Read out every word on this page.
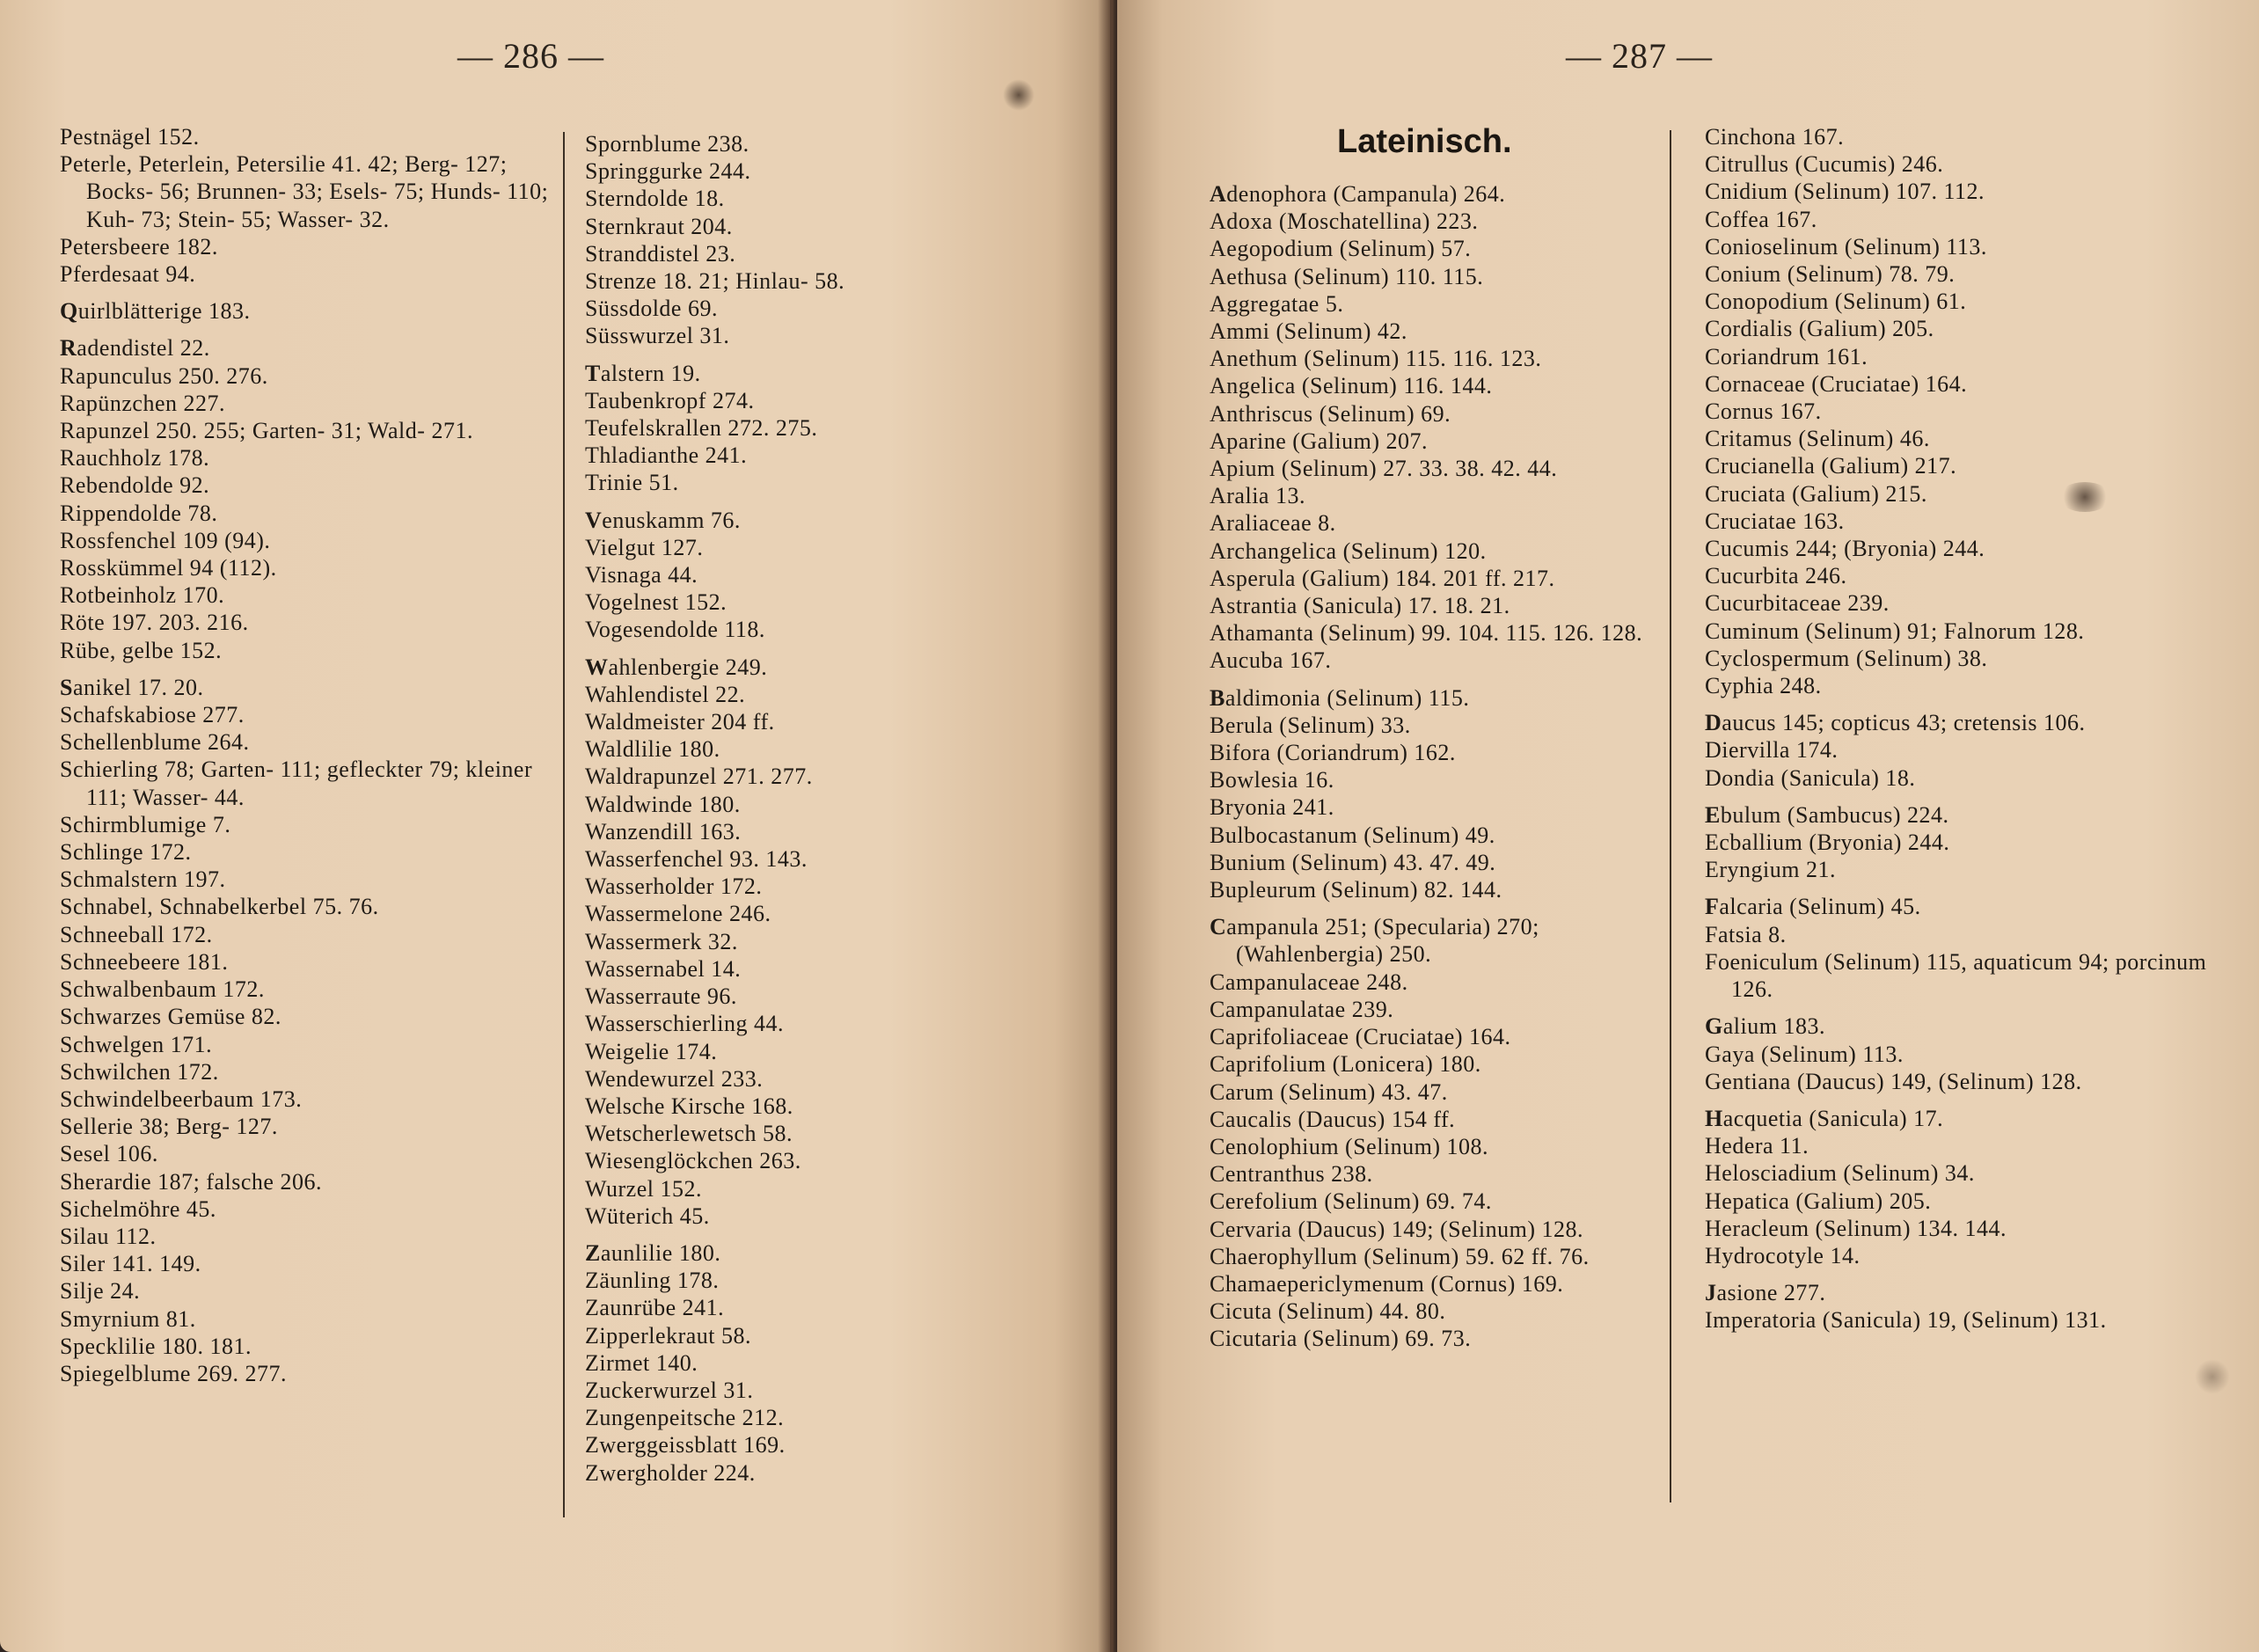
— 286 —

Pestnägel 152.

Peterle, Peterlein, Petersilie 41. 42; Berg- 127; Bocks- 56; Brunnen- 33; Esels- 75; Hunds- 110; Kuh- 73; Stein- 55; Wasser- 32.

Petersbeere 182.

Pferdesaat 94.

Quirlblätterige 183.

Radendistel 22.

Rapunculus 250. 276.

Rapünzchen 227.

Rapunzel 250. 255; Garten- 31; Wald- 271.

Rauchholz 178.

Rebendolde 92.

Rippendolde 78.

Rossfenchel 109 (94).

Rosskümmel 94 (112).

Rotbeinholz 170.

Röte 197. 203. 216.

Rübe, gelbe 152.

Sanikel 17. 20.

Schafskabiose 277.

Schellenblume 264.

Schierling 78; Garten- 111; gefleckter 79; kleiner 111; Wasser- 44.

Schirmblumige 7.

Schlinge 172.

Schmalstern 197.

Schnabel, Schnabelkerbel 75. 76.

Schneeball 172.

Schneebeere 181.

Schwalbenbaum 172.

Schwarzes Gemüse 82.

Schwelgen 171.

Schwilchen 172.

Schwindelbeerbaum 173.

Sellerie 38; Berg- 127.

Sesel 106.

Sherardie 187; falsche 206.

Sichelmöhre 45.

Silau 112.

Siler 141. 149.

Silje 24.

Smyrnium 81.

Specklilie 180. 181.

Spiegelblume 269. 277.

Spornblume 238.

Springgurke 244.

Sterndolde 18.

Sternkraut 204.

Stranddistel 23.

Strenze 18. 21; Hinlau- 58.

Süssdolde 69.

Süsswurzel 31.

Talstern 19.

Taubenkropf 274.

Teufelskrallen 272. 275.

Thladianthe 241.

Trinie 51.

Venuskamm 76.

Vielgut 127.

Visnaga 44.

Vogelnest 152.

Vogesendolde 118.

Wahlenbergie 249.

Wahlendistel 22.

Waldmeister 204 ff.

Waldlilie 180.

Waldrapunzel 271. 277.

Waldwinde 180.

Wanzendill 163.

Wasserfenchel 93. 143.

Wasserholder 172.

Wassermelone 246.

Wassermerk 32.

Wassernabel 14.

Wasserraute 96.

Wasserschierling 44.

Weigelie 174.

Wendewurzel 233.

Welsche Kirsche 168.

Wetscherlewetsch 58.

Wiesenglöckchen 263.

Wurzel 152.

Wüterich 45.

Zaunlilie 180.

Zäunling 178.

Zaunrübe 241.

Zipperlekraut 58.

Zirmet 140.

Zuckerwurzel 31.

Zungenpeitsche 212.

Zwerggeissblatt 169.

Zwergholder 224.

— 287 —
Lateinisch.

Adenophora (Campanula) 264.

Adoxa (Moschatellina) 223.

Aegopodium (Selinum) 57.

Aethusa (Selinum) 110. 115.

Aggregatae 5.

Ammi (Selinum) 42.

Anethum (Selinum) 115. 116. 123.

Angelica (Selinum) 116. 144.

Anthriscus (Selinum) 69.

Aparine (Galium) 207.

Apium (Selinum) 27. 33. 38. 42. 44.

Aralia 13.

Araliaceae 8.

Archangelica (Selinum) 120.

Asperula (Galium) 184. 201 ff. 217.

Astrantia (Sanicula) 17. 18. 21.

Athamanta (Selinum) 99. 104. 115. 126. 128.

Aucuba 167.

Baldimonia (Selinum) 115.

Berula (Selinum) 33.

Bifora (Coriandrum) 162.

Bowlesia 16.

Bryonia 241.

Bulbocastanum (Selinum) 49.

Bunium (Selinum) 43. 47. 49.

Bupleurum (Selinum) 82. 144.

Campanula 251; (Specularia) 270; (Wahlenbergia) 250.

Campanulaceae 248.

Campanulatae 239.

Caprifoliaceae (Cruciatae) 164.

Caprifolium (Lonicera) 180.

Carum (Selinum) 43. 47.

Caucalis (Daucus) 154 ff.

Cenolophium (Selinum) 108.

Centranthus 238.

Cerefolium (Selinum) 69. 74.

Cervaria (Daucus) 149; (Selinum) 128.

Chaerophyllum (Selinum) 59. 62 ff. 76.

Chamaepericlymenum (Cornus) 169.

Cicuta (Selinum) 44. 80.

Cicutaria (Selinum) 69. 73.

Cinchona 167.

Citrullus (Cucumis) 246.

Cnidium (Selinum) 107. 112.

Coffea 167.

Conioselinum (Selinum) 113.

Conium (Selinum) 78. 79.

Conopodium (Selinum) 61.

Cordialis (Galium) 205.

Coriandrum 161.

Cornaceae (Cruciatae) 164.

Cornus 167.

Critamus (Selinum) 46.

Crucianella (Galium) 217.

Cruciata (Galium) 215.

Cruciatae 163.

Cucumis 244; (Bryonia) 244.

Cucurbita 246.

Cucurbitaceae 239.

Cuminum (Selinum) 91; Falnorum 128.

Cyclospermum (Selinum) 38.

Cyphia 248.

Daucus 145; copticus 43; cretensis 106.

Diervilla 174.

Dondia (Sanicula) 18.

Ebulum (Sambucus) 224.

Ecballium (Bryonia) 244.

Eryngium 21.

Falcaria (Selinum) 45.

Fatsia 8.

Foeniculum (Selinum) 115, aquaticum 94; porcinum 126.

Galium 183.

Gaya (Selinum) 113.

Gentiana (Daucus) 149, (Selinum) 128.

Hacquetia (Sanicula) 17.

Hedera 11.

Helosciadium (Selinum) 34.

Hepatica (Galium) 205.

Heracleum (Selinum) 134. 144.

Hydrocotyle 14.

Jasione 277.

Imperatoria (Sanicula) 19, (Selinum) 131.
